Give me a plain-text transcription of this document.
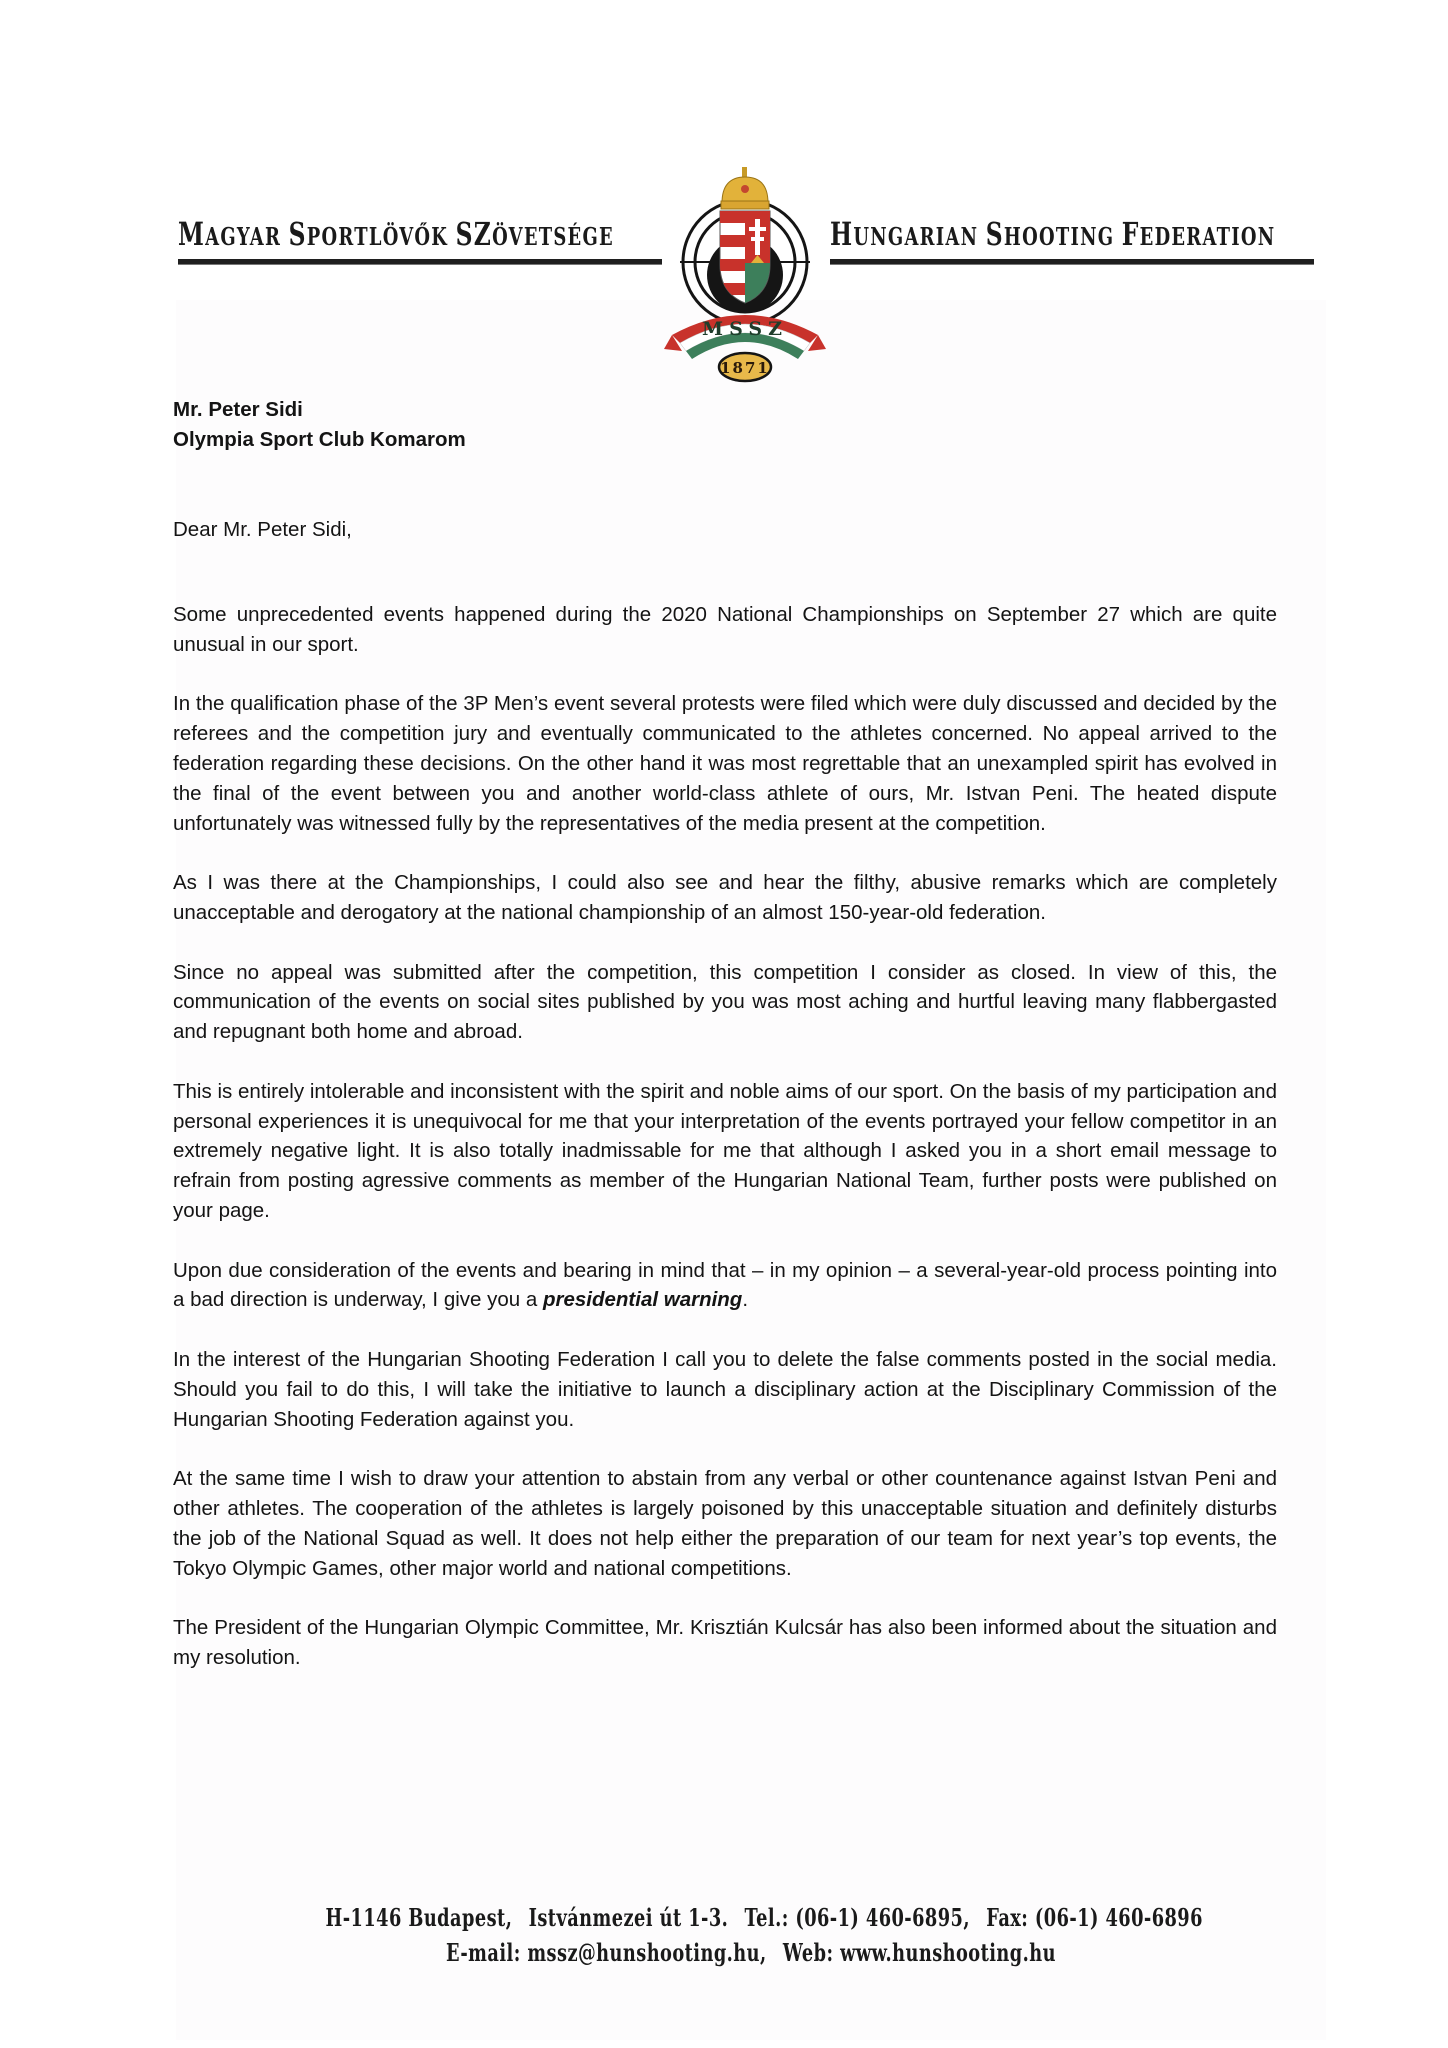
MAGYAR SPORTLÖVŐK SZÖVETSÉGE	HUNGARIAN SHOOTING FEDERATION
MSSZ
1871
Mr. Peter Sidi
Olympia Sport Club Komarom
Dear Mr. Peter Sidi,

Some unprecedented events happened during the 2020 National Championships on September 27 which are quite unusual in our sport.

In the qualification phase of the 3P Men’s event several protests were filed which were duly discussed and decided by the referees and the competition jury and eventually communicated to the athletes concerned. No appeal arrived to the federation regarding these decisions. On the other hand it was most regrettable that an unexampled spirit has evolved in the final of the event between you and another world-class athlete of ours, Mr. Istvan Peni. The heated dispute unfortunately was witnessed fully by the representatives of the media present at the competition.

As I was there at the Championships, I could also see and hear the filthy, abusive remarks which are completely unacceptable and derogatory at the national championship of an almost 150-year-old federation.

Since no appeal was submitted after the competition, this competition I consider as closed. In view of this, the communication of the events on social sites published by you was most aching and hurtful leaving many flabbergasted and repugnant both home and abroad.

This is entirely intolerable and inconsistent with the spirit and noble aims of our sport. On the basis of my participation and personal experiences it is unequivocal for me that your interpretation of the events portrayed your fellow competitor in an extremely negative light. It is also totally inadmissable for me that although I asked you in a short email message to refrain from posting agressive comments as member of the Hungarian National Team, further posts were published on your page.

Upon due consideration of the events and bearing in mind that – in my opinion – a several-year-old process pointing into a bad direction is underway, I give you a presidential warning.

In the interest of the Hungarian Shooting Federation I call you to delete the false comments posted in the social media. Should you fail to do this, I will take the initiative to launch a disciplinary action at the Disciplinary Commission of the Hungarian Shooting Federation against you.

At the same time I wish to draw your attention to abstain from any verbal or other countenance against Istvan Peni and other athletes. The cooperation of the athletes is largely poisoned by this unacceptable situation and definitely disturbs the job of the National Squad as well. It does not help either the preparation of our team for next year’s top events, the Tokyo Olympic Games, other major world and national competitions.

The President of the Hungarian Olympic Committee, Mr. Krisztián Kulcsár has also been informed about the situation and my resolution.

H-1146 Budapest, Istvánmezei út 1-3. Tel.: (06-1) 460-6895, Fax: (06-1) 460-6896
E-mail: mssz@hunshooting.hu, Web: www.hunshooting.hu
